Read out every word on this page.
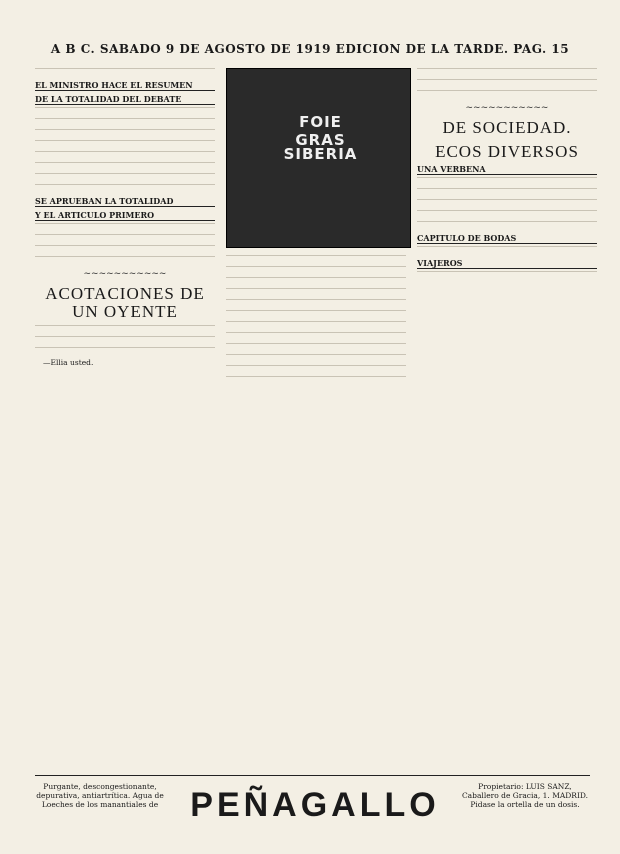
A B C. SABADO 9 DE AGOSTO DE 1919 EDICION DE LA TARDE. PAG. 15

EL MINISTRO HACE EL RESUMEN
DE LA TOTALIDAD DEL DEBATE

SE APRUEBAN LA TOTALIDAD
Y EL ARTICULO PRIMERO

~~~~~~~~~~~
ACOTACIONES DE UN OYENTE

—Ellia usted.

FOIE GRAS
SIBERIA

~~~~~~~~~~~
DE SOCIEDAD.
ECOS DIVERSOS
UNA VERBENA

CAPITULO DE BODAS

VIAJEROS

Purgante, descongestionante, depurativa, antiartrítica. Agua de Loeches de los manantiales de PEÑAGALLO	Propietario: LUIS SANZ, Caballero de Gracia, 1. MADRID. Pidase la ortella de un dosis.
